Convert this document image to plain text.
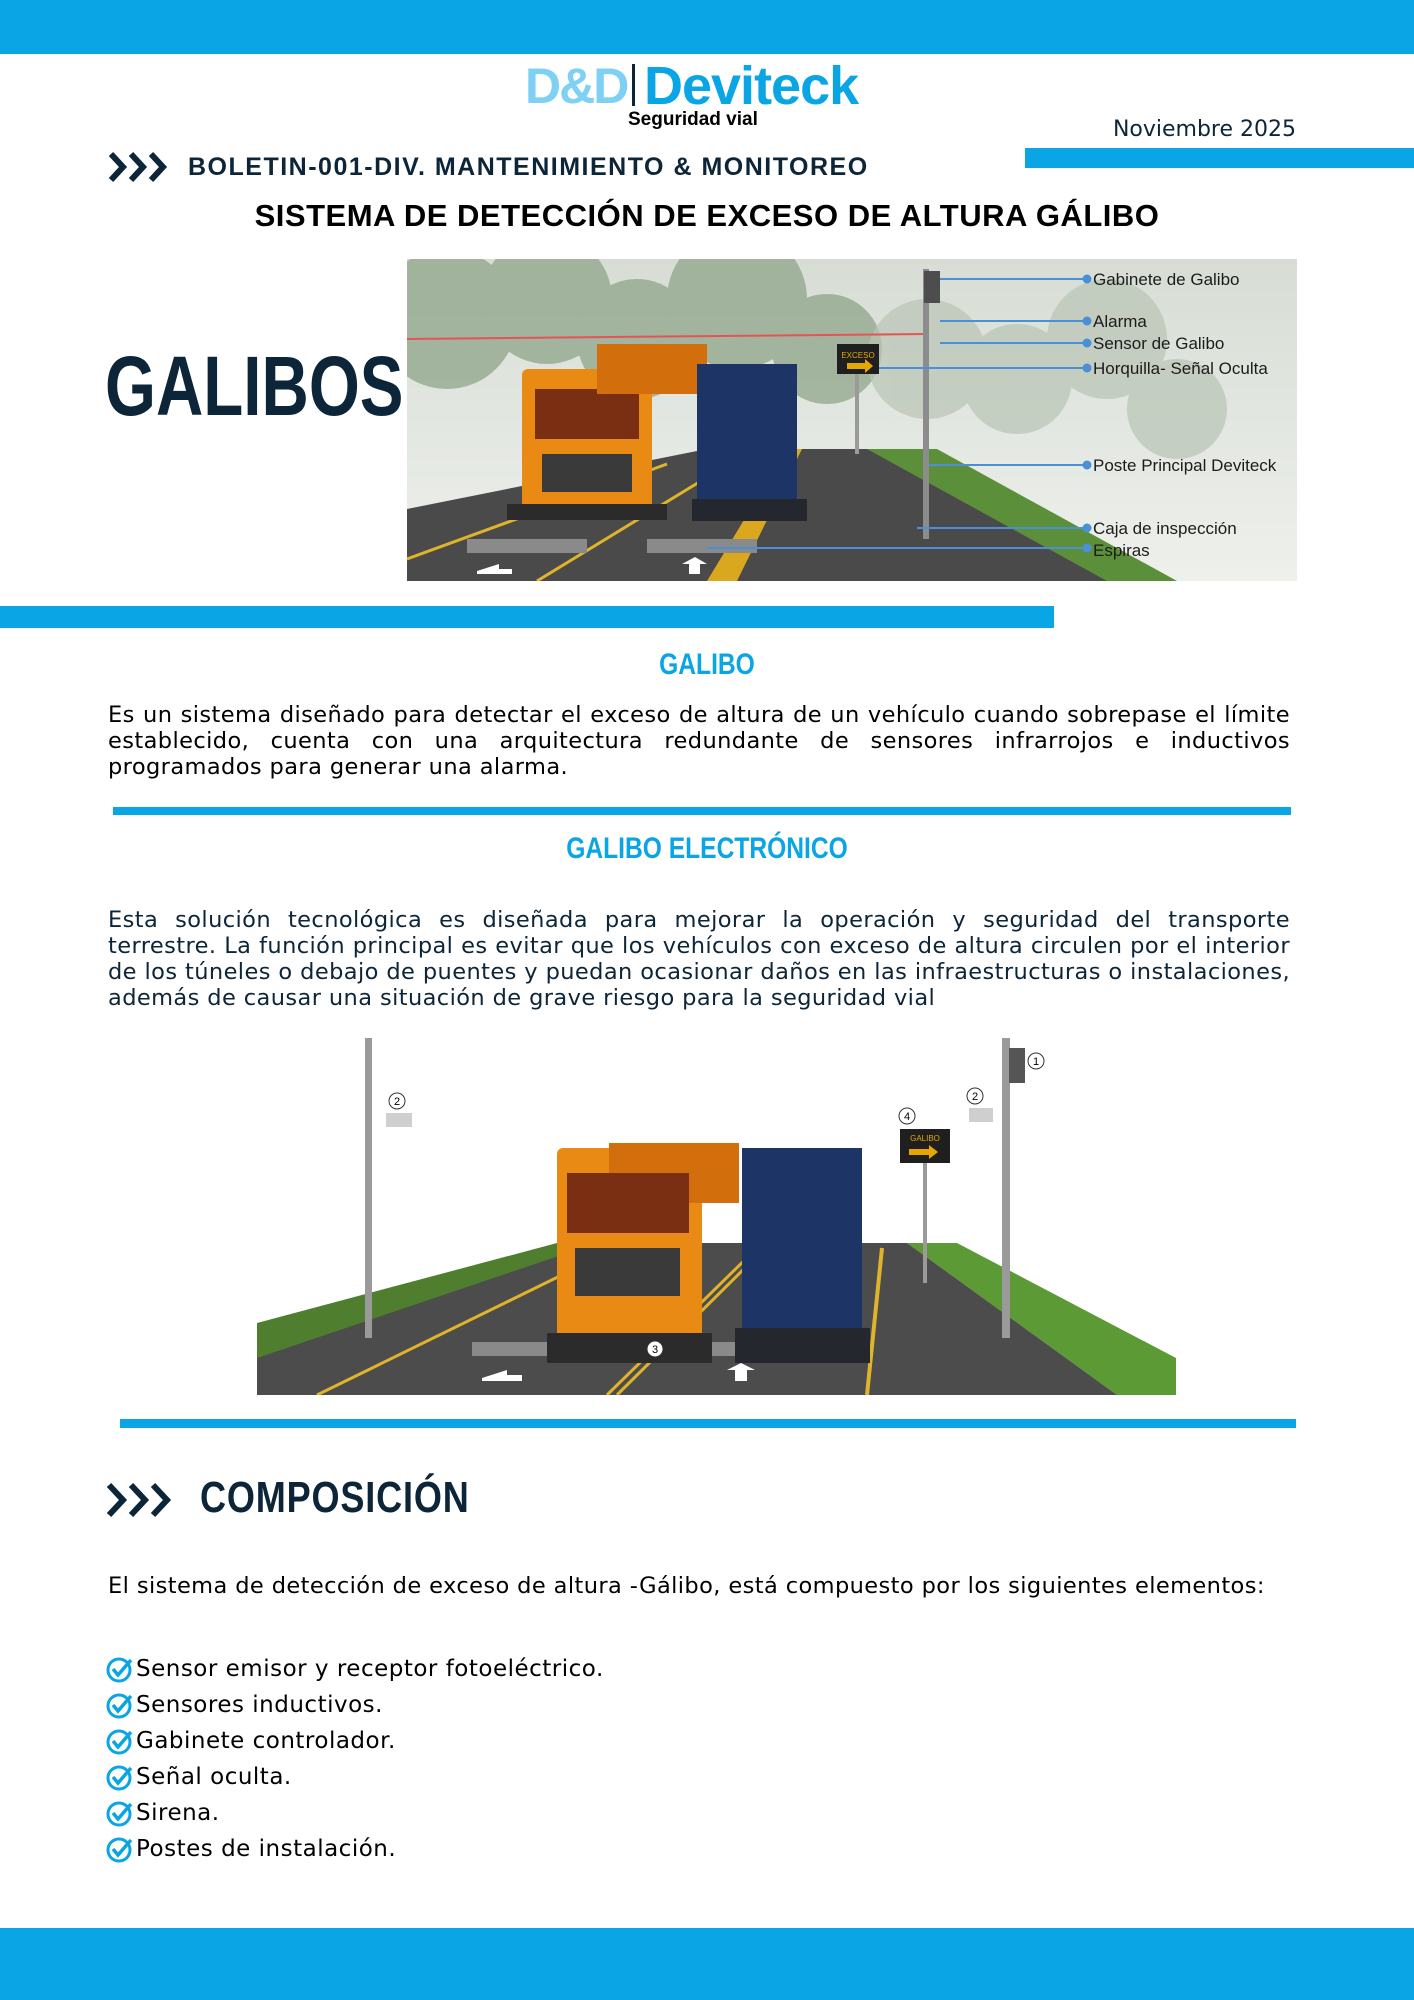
D&D Deviteck
Seguridad vial	Noviembre 2025
BOLETIN-001-DIV. MANTENIMIENTO & MONITOREO
SISTEMA DE DETECCIÓN DE EXCESO DE ALTURA GÁLIBO
GALIBOS	EXCESO
Gabinete de Galibo
Alarma
Sensor de Galibo
Horquilla- Señal Oculta
Poste Principal Deviteck
Caja de inspección
Espiras
GALIBO
Es un sistema diseñado para detectar el exceso de altura de un vehículo cuando sobrepase el límite establecido, cuenta con una arquitectura redundante de sensores infrarrojos e inductivos programados para generar una alarma.
GALIBO ELECTRÓNICO
Esta solución tecnológica es diseñada para mejorar la operación y seguridad del transporte terrestre. La función principal es evitar que los vehículos con exceso de altura circulen por el interior de los túneles o debajo de puentes y puedan ocasionar daños en las infraestructuras o instalaciones, además de causar una situación de grave riesgo para la seguridad vial
GALIBO
1
2	2
3
4
COMPOSICIÓN
El sistema de detección de exceso de altura -Gálibo, está compuesto por los siguientes elementos:
Sensor emisor y receptor fotoeléctrico.
Sensores inductivos.
Gabinete controlador.
Señal oculta.
Sirena.
Postes de instalación.
